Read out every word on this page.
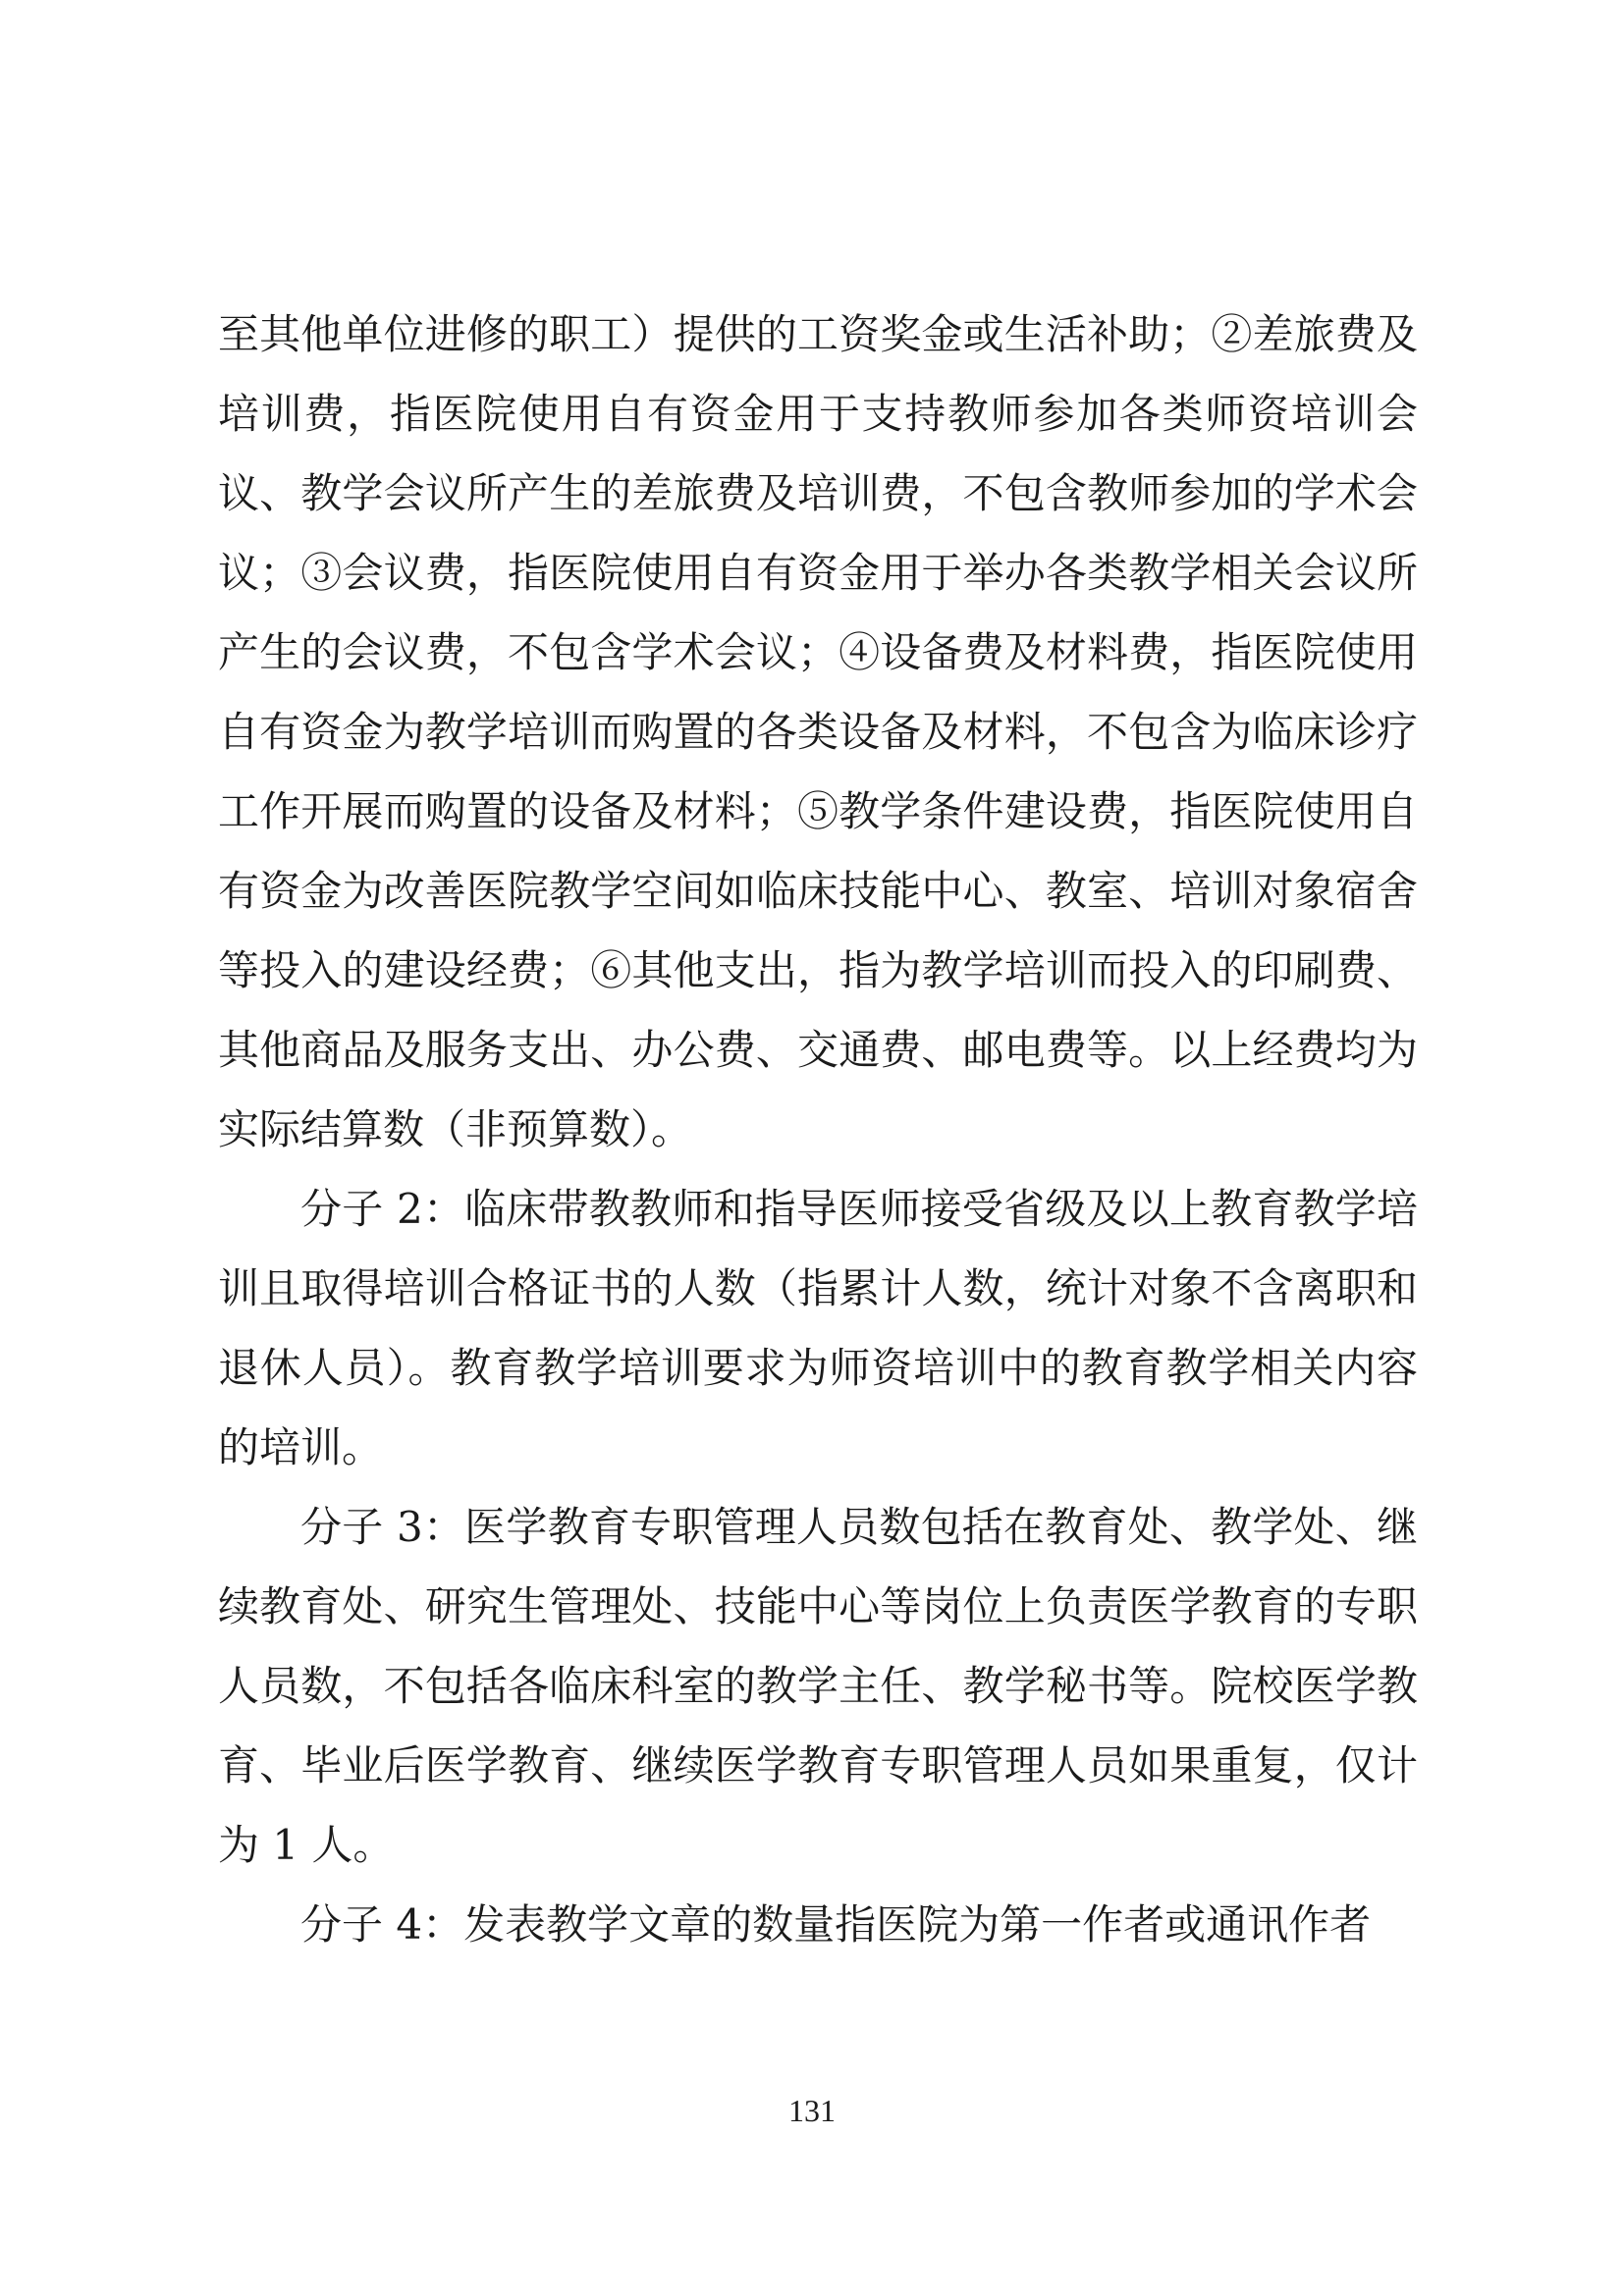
至其他单位进修的职工）提供的工资奖金或生活补助；②差旅费及培训费，指医院使用自有资金用于支持教师参加各类师资培训会议、教学会议所产生的差旅费及培训费，不包含教师参加的学术会议；③会议费，指医院使用自有资金用于举办各类教学相关会议所产生的会议费，不包含学术会议；④设备费及材料费，指医院使用自有资金为教学培训而购置的各类设备及材料，不包含为临床诊疗工作开展而购置的设备及材料；⑤教学条件建设费，指医院使用自有资金为改善医院教学空间如临床技能中心、教室、培训对象宿舍等投入的建设经费；⑥其他支出，指为教学培训而投入的印刷费、其他商品及服务支出、办公费、交通费、邮电费等。以上经费均为实际结算数（非预算数）。

分子 2：临床带教教师和指导医师接受省级及以上教育教学培训且取得培训合格证书的人数（指累计人数，统计对象不含离职和退休人员）。教育教学培训要求为师资培训中的教育教学相关内容的培训。

分子 3：医学教育专职管理人员数包括在教育处、教学处、继续教育处、研究生管理处、技能中心等岗位上负责医学教育的专职人员数，不包括各临床科室的教学主任、教学秘书等。院校医学教育、毕业后医学教育、继续医学教育专职管理人员如果重复，仅计为 1 人。

分子 4：发表教学文章的数量指医院为第一作者或通讯作者

131
